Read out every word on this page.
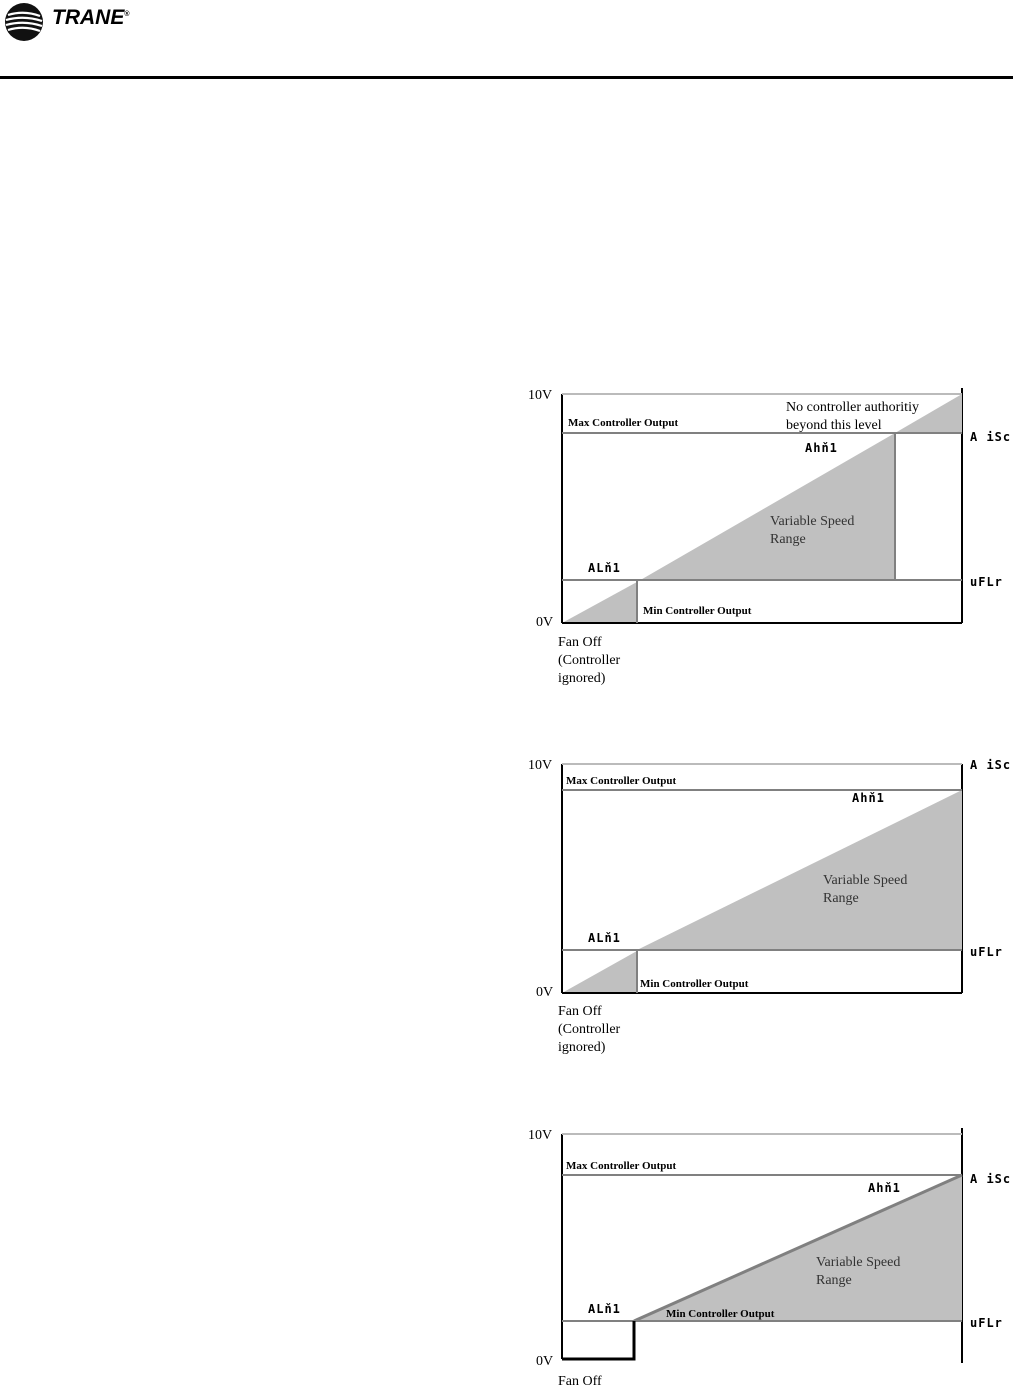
TRANE®
10V
0V
Max Controller Output
Min Controller Output
No controller authoritiy
beyond this level
Variable Speed
Range
ALň1
Ahň1
A iSc
uFLr
Fan Off
(Controller
ignored)
10V
0V
Max Controller Output
Min Controller Output
Variable Speed
Range
ALň1
Ahň1
A iSc
uFLr
Fan Off
(Controller
ignored)
10V
0V
Max Controller Output
Min Controller Output
Variable Speed
Range
ALň1
Ahň1
A iSc
uFLr
Fan Off
